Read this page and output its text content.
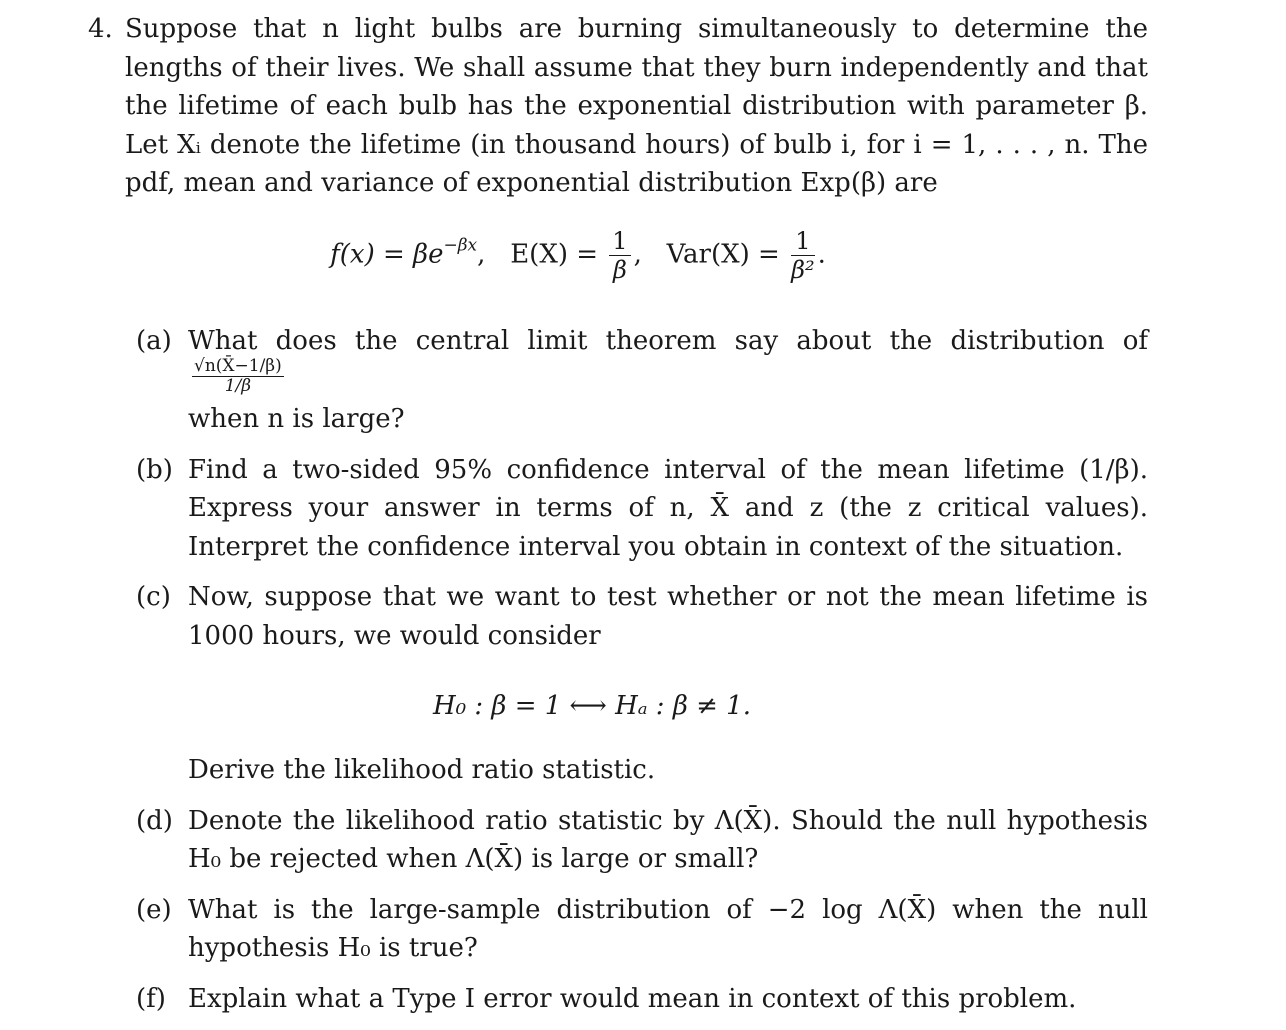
4. Suppose that n light bulbs are burning simultaneously to determine the lengths of their lives. We shall assume that they burn independently and that the lifetime of each bulb has the exponential distribution with parameter β. Let Xᵢ denote the lifetime (in thousand hours) of bulb i, for i = 1, . . . , n. The pdf, mean and variance of exponential distribution Exp(β) are
$f(x) = \beta e^{-\beta x}$,   $E(X) = \frac{1}{\beta}$ ,   $Var(X) = \frac{1}{\text{β²}}$ .
(a) What does the central limit theorem say about the distribution of
$\frac{√n(X̄-1/\beta)}{1/\beta}$

when n is large?
(b) Find a two-sided 95% confidence interval of the mean lifetime (1/β). Express your answer in terms of n, X̄ and z (the z critical values). Interpret the confidence interval you obtain in context of the situation.
(c) Now, suppose that we want to test whether or not the mean lifetime is 1000 hours, we would consider
H₀ : β = 1 ⟷ Hₐ : β ≠ 1.
Derive the likelihood ratio statistic.
(d) Denote the likelihood ratio statistic by Λ(X̄). Should the null hypothesis H₀ be rejected when Λ(X̄) is large or small?
(e) What is the large-sample distribution of −2 log Λ(X̄) when the null hypothesis H₀ is true?
(f) Explain what a Type I error would mean in context of this problem.
